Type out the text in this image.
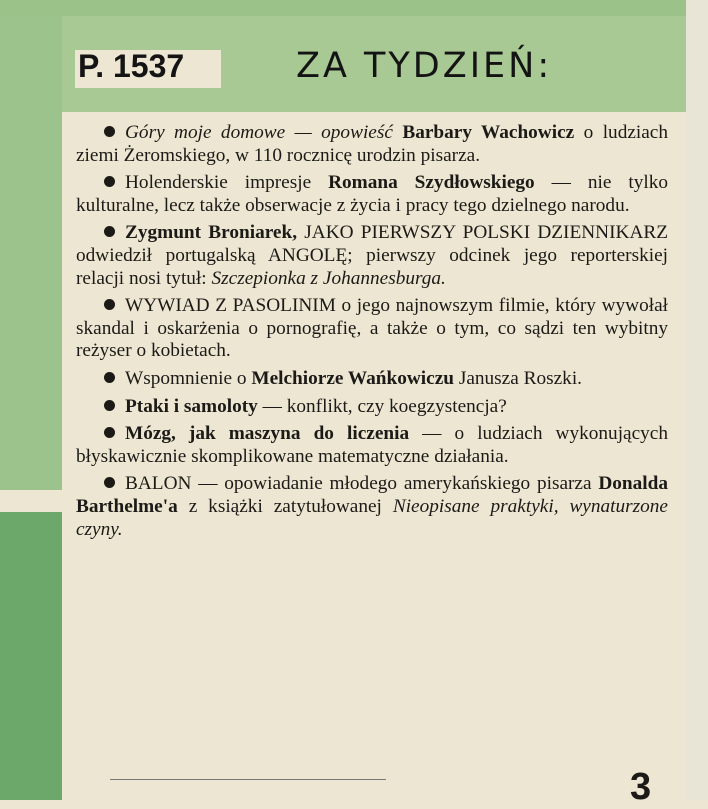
P. 1537	ZA TYDZIEŃ:

Góry moje domowe — opowieść Barbary Wachowicz o ludziach ziemi Żeromskiego, w 110 rocznicę urodzin pisarza.

Holenderskie impresje Romana Szydłowskiego — nie tylko kulturalne, lecz także obserwacje z życia i pracy tego dzielnego narodu.

Zygmunt Broniarek, JAKO PIERWSZY POLSKI DZIENNIKARZ odwiedził portugalską ANGOLĘ; pierwszy odcinek jego reporterskiej relacji nosi tytuł: Szczepionka z Johannesburga.

WYWIAD Z PASOLINIM o jego najnowszym filmie, który wywołał skandal i oskarżenia o pornografię, a także o tym, co sądzi ten wybitny reżyser o kobietach.

Wspomnienie o Melchiorze Wańkowiczu Janusza Roszki.

Ptaki i samoloty — konflikt, czy koegzystencja?

Mózg, jak maszyna do liczenia — o ludziach wykonujących błyskawicznie skomplikowane matematyczne działania.

BALON — opowiadanie młodego amerykańskiego pisarza Donalda Barthelme'a z książki zatytułowanej Nieopisane praktyki, wynaturzone czyny.

3
